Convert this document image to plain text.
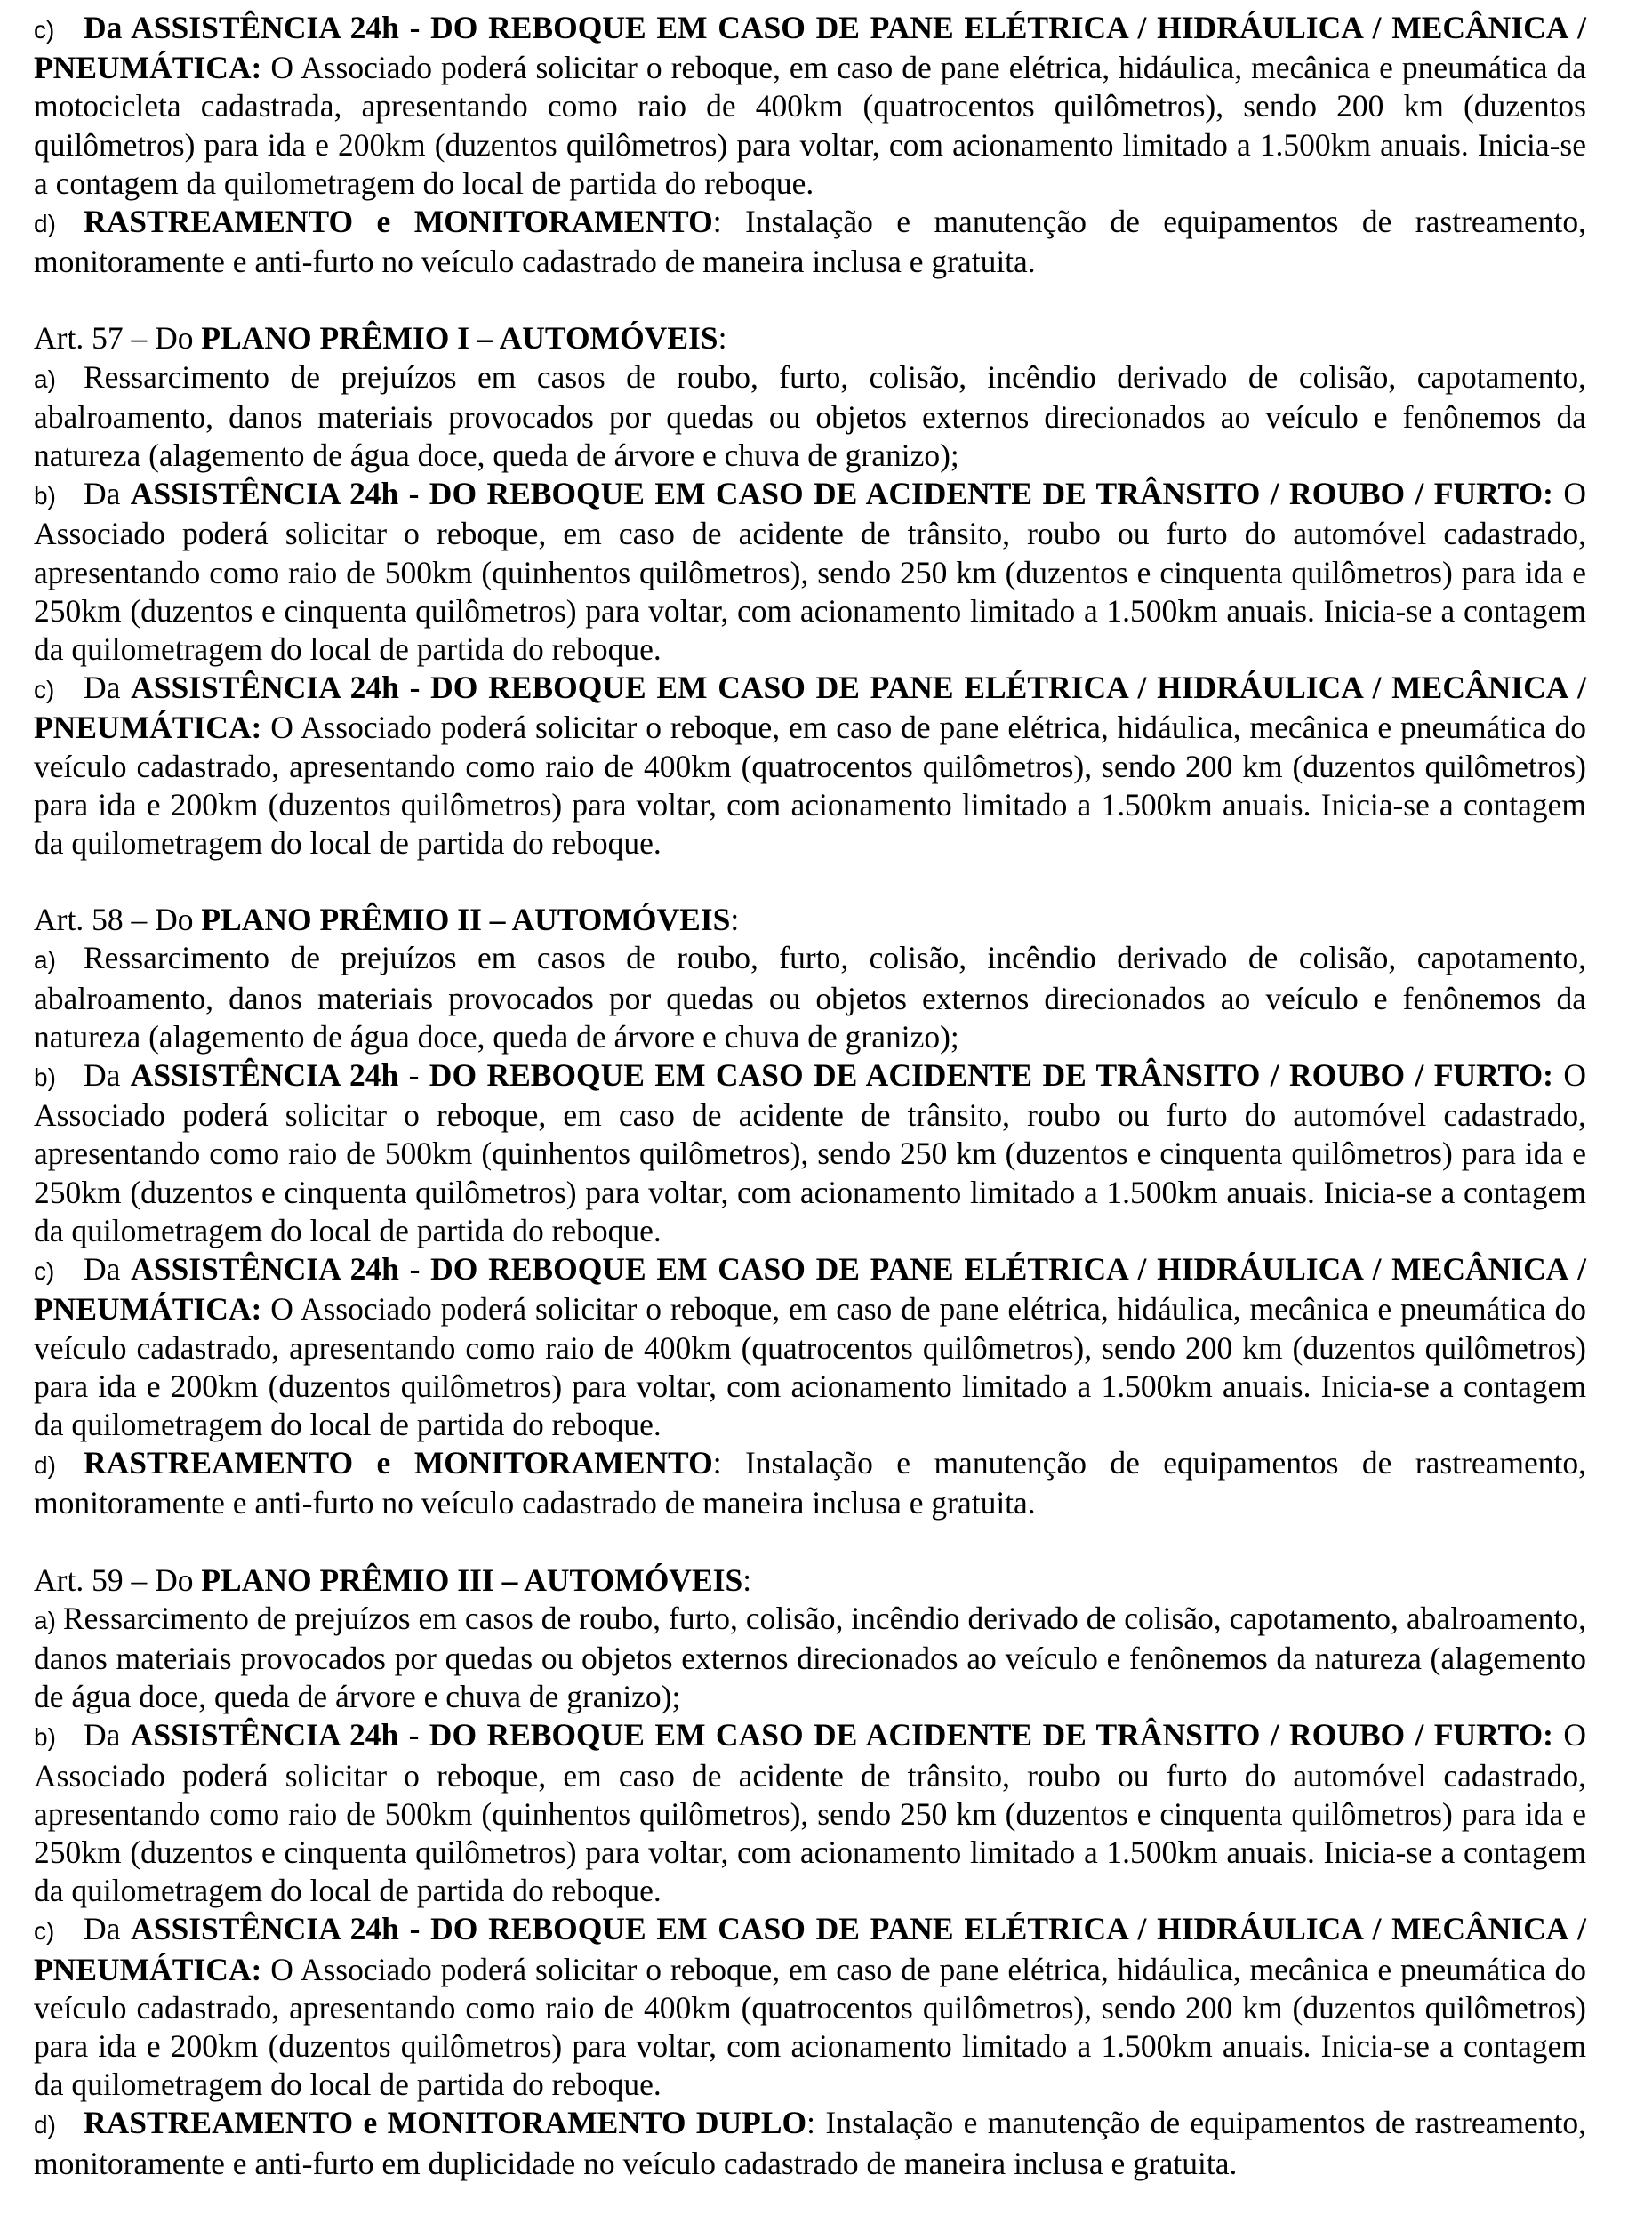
c) Da ASSISTÊNCIA 24h - DO REBOQUE EM CASO DE PANE ELÉTRICA / HIDRÁULICA / MECÂNICA / PNEUMÁTICA: O Associado poderá solicitar o reboque, em caso de pane elétrica, hidáulica, mecânica e pneumática da motocicleta cadastrada, apresentando como raio de 400km (quatrocentos quilômetros), sendo 200 km (duzentos quilômetros) para ida e 200km (duzentos quilômetros) para voltar, com acionamento limitado a 1.500km anuais. Inicia-se a contagem da quilometragem do local de partida do reboque.

d) RASTREAMENTO e MONITORAMENTO: Instalação e manutenção de equipamentos de rastreamento, monitoramente e anti-furto no veículo cadastrado de maneira inclusa e gratuita.

Art. 57 – Do PLANO PRÊMIO I – AUTOMÓVEIS:

a) Ressarcimento de prejuízos em casos de roubo, furto, colisão, incêndio derivado de colisão, capotamento, abalroamento, danos materiais provocados por quedas ou objetos externos direcionados ao veículo e fenônemos da natureza (alagemento de água doce, queda de árvore e chuva de granizo);

b) Da ASSISTÊNCIA 24h - DO REBOQUE EM CASO DE ACIDENTE DE TRÂNSITO / ROUBO / FURTO: O Associado poderá solicitar o reboque, em caso de acidente de trânsito, roubo ou furto do automóvel cadastrado, apresentando como raio de 500km (quinhentos quilômetros), sendo 250 km (duzentos e cinquenta quilômetros) para ida e 250km (duzentos e cinquenta quilômetros) para voltar, com acionamento limitado a 1.500km anuais. Inicia-se a contagem da quilometragem do local de partida do reboque.

c) Da ASSISTÊNCIA 24h - DO REBOQUE EM CASO DE PANE ELÉTRICA / HIDRÁULICA / MECÂNICA / PNEUMÁTICA: O Associado poderá solicitar o reboque, em caso de pane elétrica, hidáulica, mecânica e pneumática do veículo cadastrado, apresentando como raio de 400km (quatrocentos quilômetros), sendo 200 km (duzentos quilômetros) para ida e 200km (duzentos quilômetros) para voltar, com acionamento limitado a 1.500km anuais. Inicia-se a contagem da quilometragem do local de partida do reboque.

Art. 58 – Do PLANO PRÊMIO II – AUTOMÓVEIS:

a) Ressarcimento de prejuízos em casos de roubo, furto, colisão, incêndio derivado de colisão, capotamento, abalroamento, danos materiais provocados por quedas ou objetos externos direcionados ao veículo e fenônemos da natureza (alagemento de água doce, queda de árvore e chuva de granizo);

b) Da ASSISTÊNCIA 24h - DO REBOQUE EM CASO DE ACIDENTE DE TRÂNSITO / ROUBO / FURTO: O Associado poderá solicitar o reboque, em caso de acidente de trânsito, roubo ou furto do automóvel cadastrado, apresentando como raio de 500km (quinhentos quilômetros), sendo 250 km (duzentos e cinquenta quilômetros) para ida e 250km (duzentos e cinquenta quilômetros) para voltar, com acionamento limitado a 1.500km anuais. Inicia-se a contagem da quilometragem do local de partida do reboque.

c) Da ASSISTÊNCIA 24h - DO REBOQUE EM CASO DE PANE ELÉTRICA / HIDRÁULICA / MECÂNICA / PNEUMÁTICA: O Associado poderá solicitar o reboque, em caso de pane elétrica, hidáulica, mecânica e pneumática do veículo cadastrado, apresentando como raio de 400km (quatrocentos quilômetros), sendo 200 km (duzentos quilômetros) para ida e 200km (duzentos quilômetros) para voltar, com acionamento limitado a 1.500km anuais. Inicia-se a contagem da quilometragem do local de partida do reboque.

d) RASTREAMENTO e MONITORAMENTO: Instalação e manutenção de equipamentos de rastreamento, monitoramente e anti-furto no veículo cadastrado de maneira inclusa e gratuita.

Art. 59 – Do PLANO PRÊMIO III – AUTOMÓVEIS:

a) Ressarcimento de prejuízos em casos de roubo, furto, colisão, incêndio derivado de colisão, capotamento, abalroamento, danos materiais provocados por quedas ou objetos externos direcionados ao veículo e fenônemos da natureza (alagemento de água doce, queda de árvore e chuva de granizo);

b) Da ASSISTÊNCIA 24h - DO REBOQUE EM CASO DE ACIDENTE DE TRÂNSITO / ROUBO / FURTO: O Associado poderá solicitar o reboque, em caso de acidente de trânsito, roubo ou furto do automóvel cadastrado, apresentando como raio de 500km (quinhentos quilômetros), sendo 250 km (duzentos e cinquenta quilômetros) para ida e 250km (duzentos e cinquenta quilômetros) para voltar, com acionamento limitado a 1.500km anuais. Inicia-se a contagem da quilometragem do local de partida do reboque.

c) Da ASSISTÊNCIA 24h - DO REBOQUE EM CASO DE PANE ELÉTRICA / HIDRÁULICA / MECÂNICA / PNEUMÁTICA: O Associado poderá solicitar o reboque, em caso de pane elétrica, hidáulica, mecânica e pneumática do veículo cadastrado, apresentando como raio de 400km (quatrocentos quilômetros), sendo 200 km (duzentos quilômetros) para ida e 200km (duzentos quilômetros) para voltar, com acionamento limitado a 1.500km anuais. Inicia-se a contagem da quilometragem do local de partida do reboque.

d) RASTREAMENTO e MONITORAMENTO DUPLO: Instalação e manutenção de equipamentos de rastreamento, monitoramente e anti-furto em duplicidade no veículo cadastrado de maneira inclusa e gratuita.
